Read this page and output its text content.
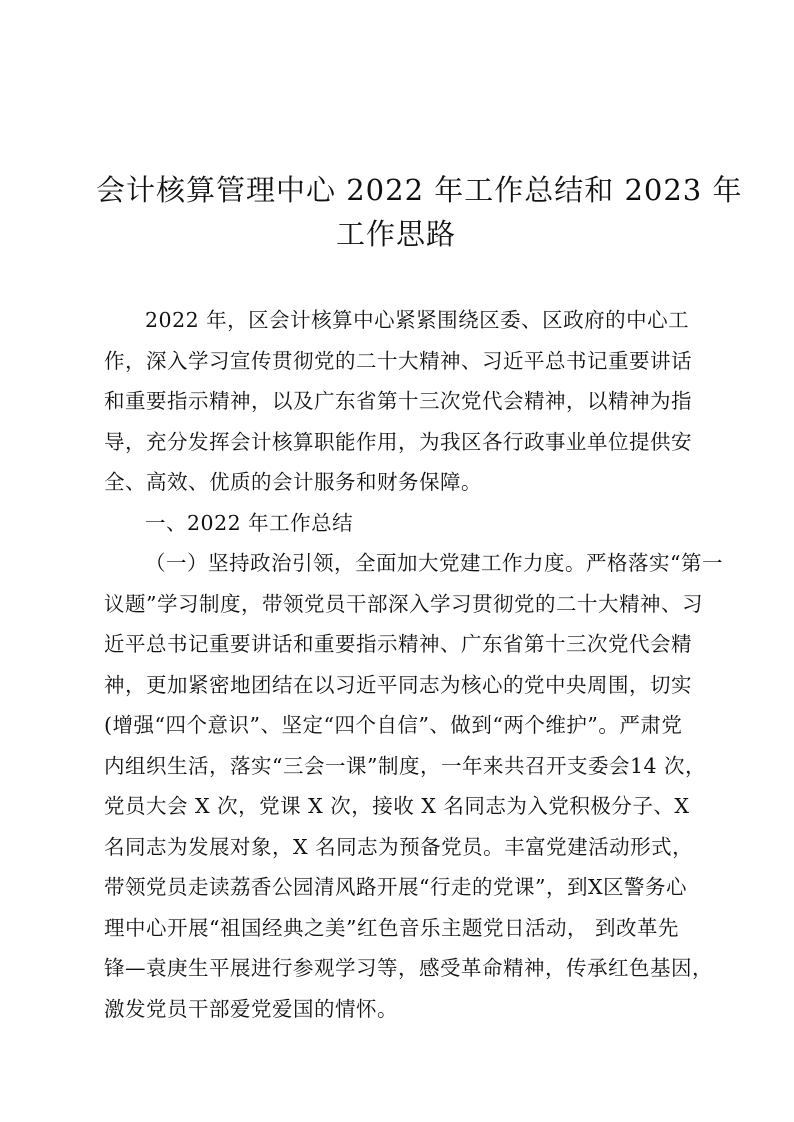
会计核算管理中心 2022 年工作总结和 2023 年
工作思路

2022 年，区会计核算中心紧紧围绕区委、区政府的中心工
作，深入学习宣传贯彻党的二十大精神、习近平总书记重要讲话
和重要指示精神，以及广东省第十三次党代会精神，以精神为指
导，充分发挥会计核算职能作用，为我区各行政事业单位提供安
全、高效、优质的会计服务和财务保障。

一、2022 年工作总结

（一）坚持政治引领，全面加大党建工作力度。严格落实“第一
议题”学习制度，带领党员干部深入学习贯彻党的二十大精神、习
近平总书记重要讲话和重要指示精神、广东省第十三次党代会精
神，更加紧密地团结在以习近平同志为核心的党中央周围，切实
(增强“四个意识”、坚定“四个自信”、做到“两个维护”。严肃党
内组织生活，落实“三会一课”制度，一年来共召开支委会14 次，
党员大会 X 次，党课 X 次，接收 X 名同志为入党积极分子、X
名同志为发展对象，X 名同志为预备党员。丰富党建活动形式，
带领党员走读荔香公园清风路开展“行走的党课”，到X区警务心
理中心开展“祖国经典之美”红色音乐主题党日活动， 到改革先
锋—袁庚生平展进行参观学习等，感受革命精神，传承红色基因，
激发党员干部爱党爱国的情怀。
